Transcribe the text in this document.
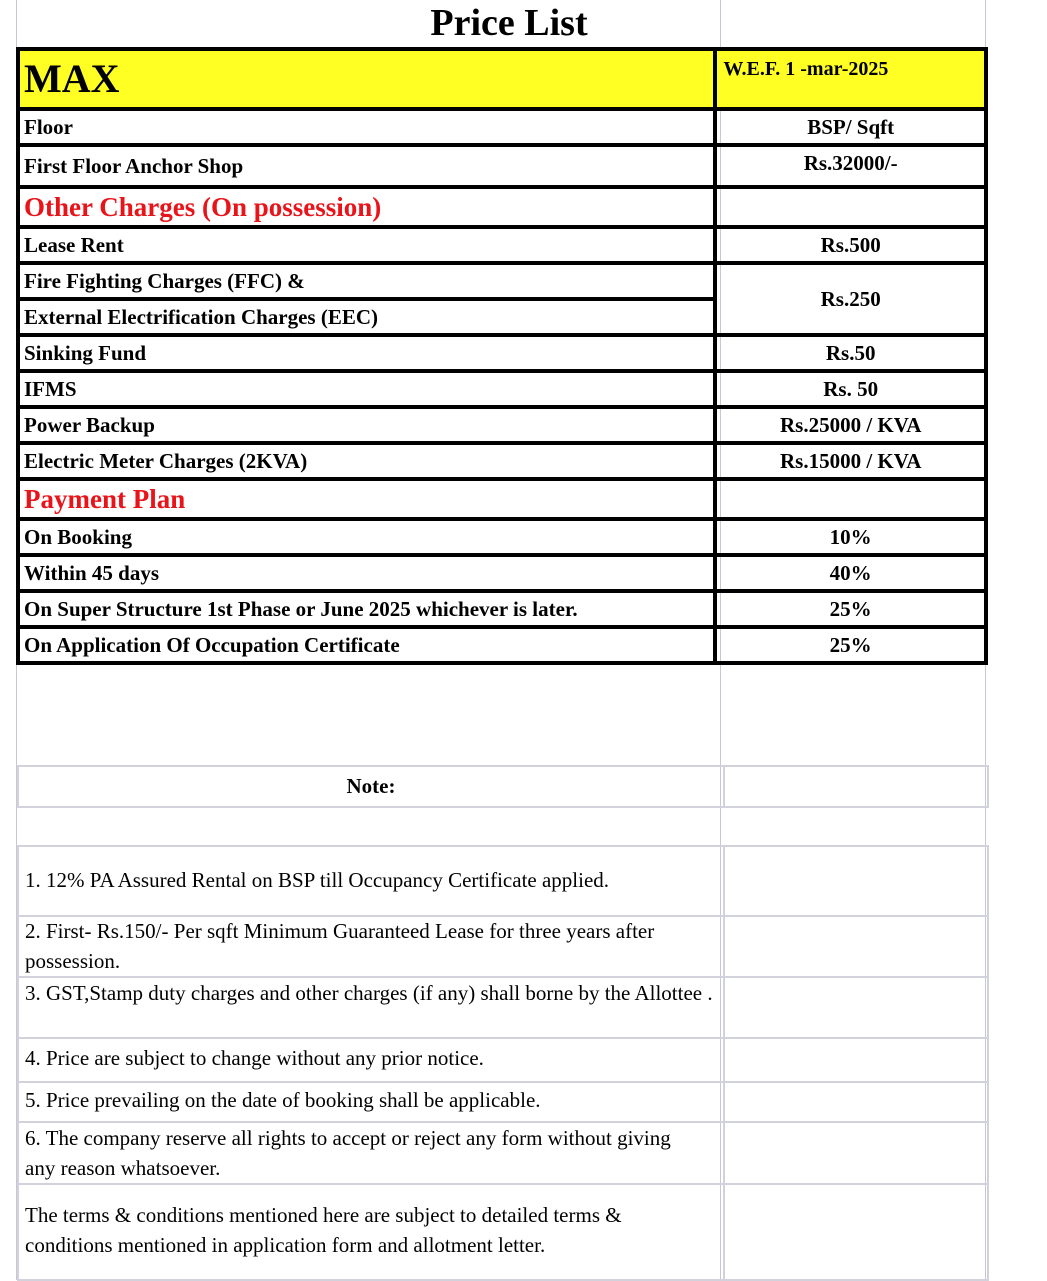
Price List
MAX	W.E.F. 1 -mar-2025
Floor	BSP/ Sqft
First Floor Anchor Shop	Rs.32000/-
Other Charges (On possession)	
Lease Rent	Rs.500
Fire Fighting Charges (FFC) &	Rs.250
External Electrification Charges (EEC)	
Sinking Fund	Rs.50
IFMS	Rs. 50
Power Backup	Rs.25000 / KVA
Electric Meter Charges (2KVA)	Rs.15000 / KVA
Payment Plan	
On Booking	10%
Within 45 days	40%
On Super Structure 1st Phase or June 2025 whichever is later.	25%
On Application Of Occupation Certificate	25%
Note:
1. 12% PA Assured Rental on BSP till Occupancy Certificate applied.
2. First- Rs.150/- Per sqft Minimum Guaranteed Lease for three years after possession.
3. GST,Stamp duty charges and other charges (if any) shall borne by the Allottee .
4. Price are subject to change without any prior notice.
5. Price prevailing on the date of booking shall be applicable.
6. The company reserve all rights to accept or reject any form without giving any reason whatsoever.
The terms & conditions mentioned here are subject to detailed terms & conditions mentioned in application form and allotment letter.
